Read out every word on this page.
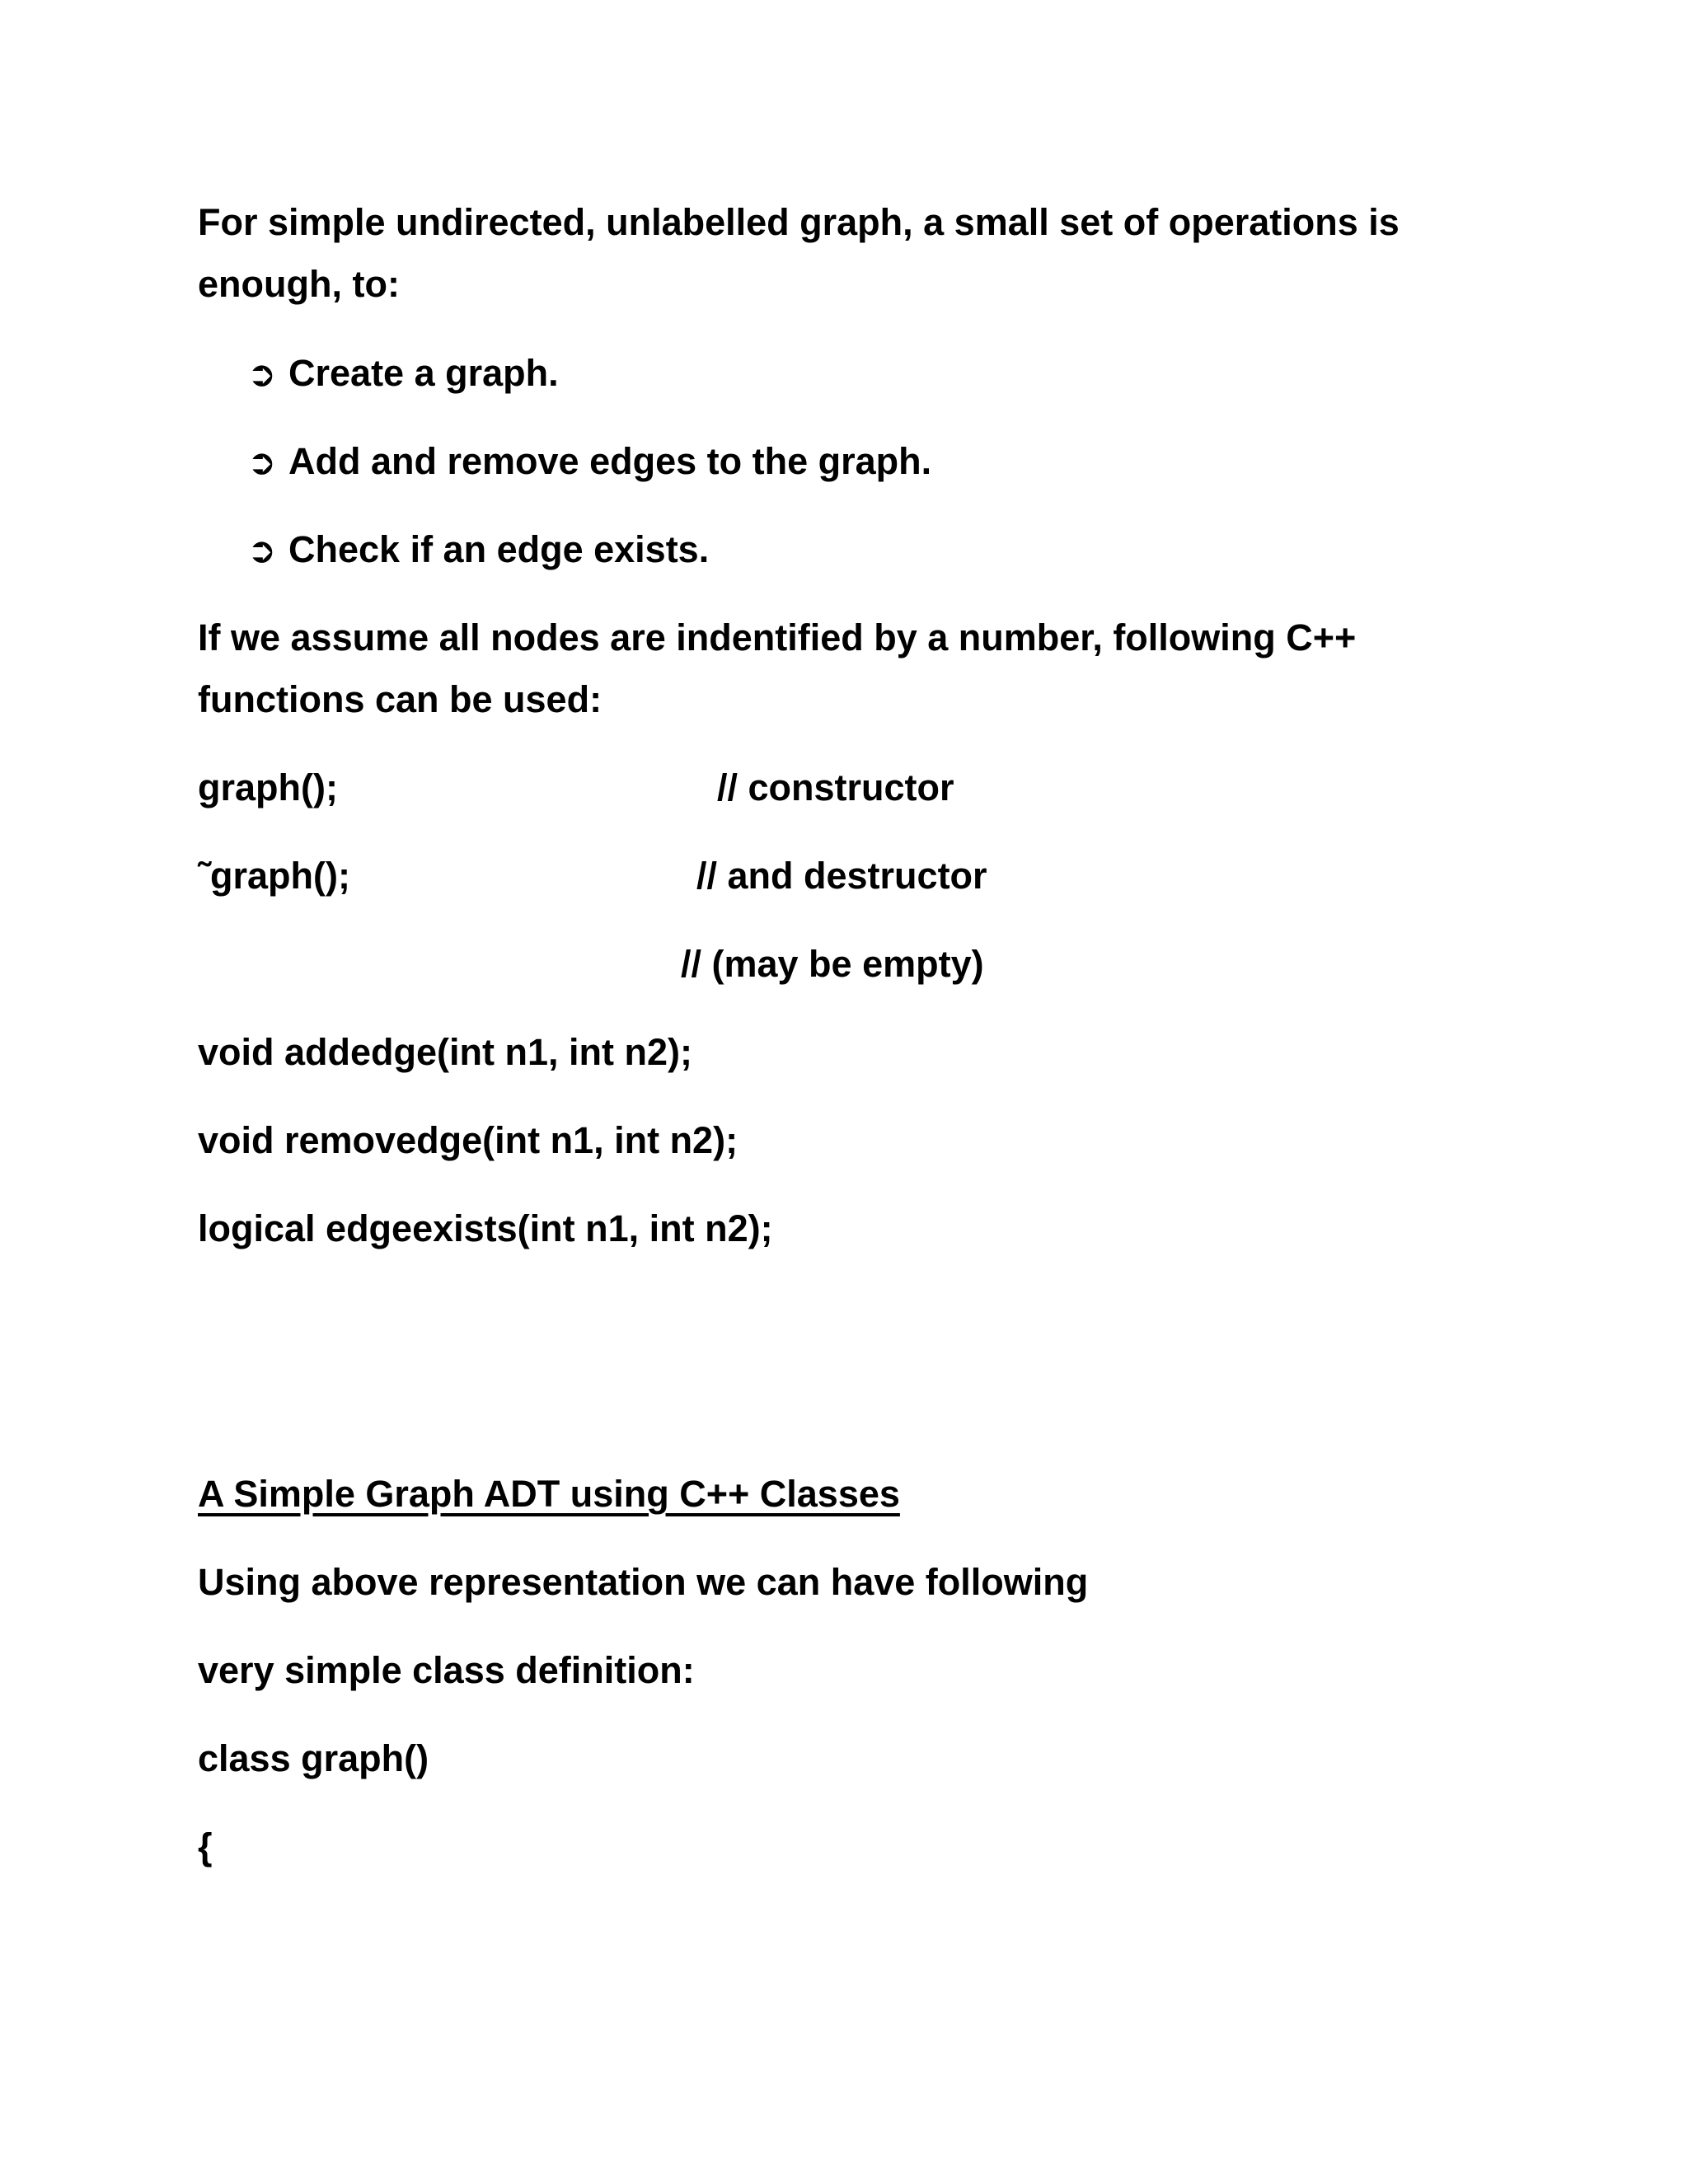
For simple undirected, unlabelled graph, a small set of operations is
enough, to:
➲ Create a graph.
➲ Add and remove edges to the graph.
➲ Check if an edge exists.
If we assume all nodes are indentified by a number, following C++
functions can be used:
graph();	// constructor
˜graph();	// and destructor
// (may be empty)
void addedge(int n1, int n2);
void removedge(int n1, int n2);
logical edgeexists(int n1, int n2);
A Simple Graph ADT using C++ Classes
Using above representation we can have following
very simple class definition:
class graph()
{
